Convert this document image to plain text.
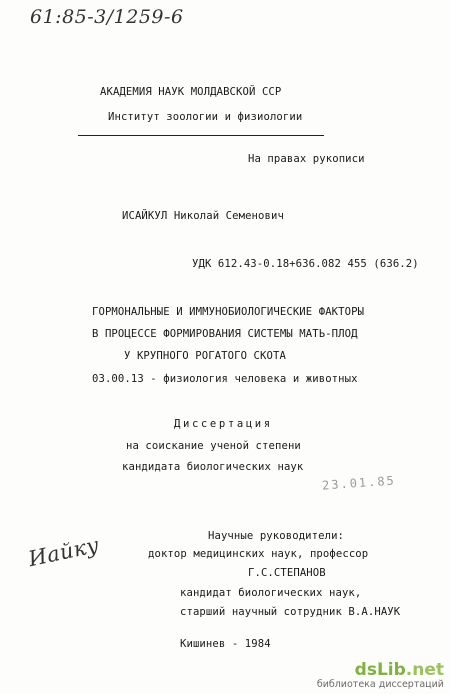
61:85-3/1259-6
АКАДЕМИЯ НАУК МОЛДАВСКОЙ ССР
Институт зоологии и физиологии
На правах рукописи
ИСАЙКУЛ Николай Семенович
УДК 612.43-0.18+636.082 455 (636.2)
ГОРМОНАЛЬНЫЕ И ИММУНОБИОЛОГИЧЕСКИЕ ФАКТОРЫ
В ПРОЦЕССЕ ФОРМИРОВАНИЯ СИСТЕМЫ МАТЬ-ПЛОД
У КРУПНОГО РОГАТОГО СКОТА
03.00.13 - физиология человека и животных
Диссертация
на соискание ученой степени
кандидата биологических наук
23.01.85
Иайку	Научные руководители:
доктор медицинских наук, профессор
Г.С.СТЕПАНОВ
кандидат биологических наук,
старший научный сотрудник В.А.НАУК
Кишинев - 1984
dsLib.net
библиотека диссертаций
